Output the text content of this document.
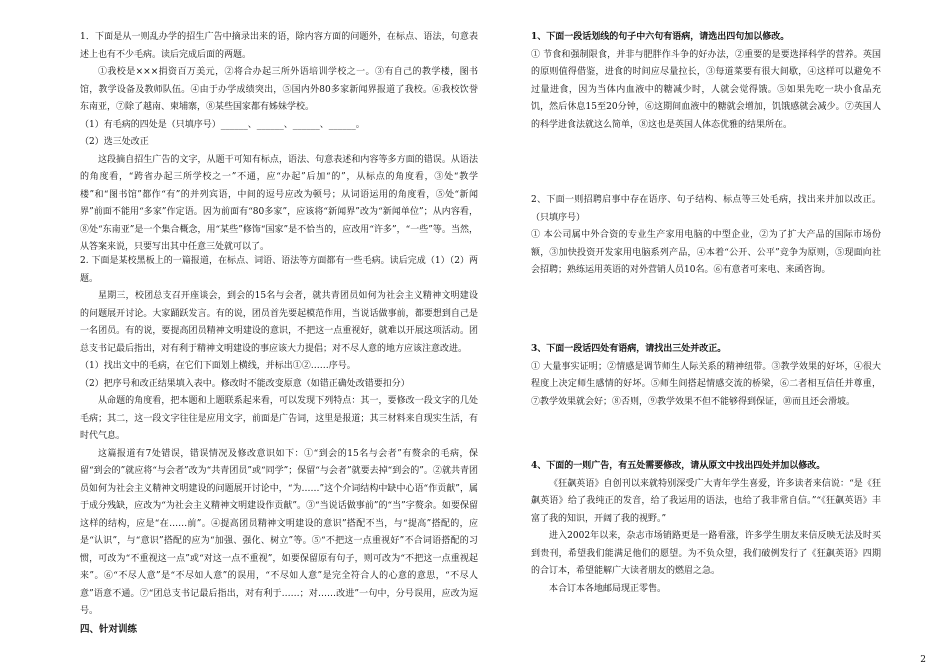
1．下面是从一则乱办学的招生广告中摘录出来的语，除内容方面的问题外，在标点、语法，句意表述上也有不少毛病。读后完成后面的两题。

①我校是×××捐资百万美元，②将合办起三所外语培训学校之一。③有自己的教学楼，图书馆，教学设备及教师队伍。④由于办学成绩突出，⑤国内外80多家新闻界报道了我校。⑥我校饮誉东南亚，⑦除了越南、柬埔寨，⑧某些国家都有姊妹学校。

（1）有毛病的四处是（只填序号）______、______、______、______。

（2）选三处改正

这段摘自招生广告的文字，从题干可知有标点，语法、句意表述和内容等多方面的错误。从语法的角度看，“跨省办起三所学校之一”不通，应“办起”后加“的”，从标点的角度看，③处“教学楼”和“图书馆”都作“有”的并列宾语，中间的逗号应改为顿号；从词语运用的角度看，⑤处“新闻界”前面不能用“多家”作定语。因为前面有“80多家”，应该将“新闻界”改为“新闻单位”；从内容看，⑧处“东南亚”是一个集合概念，用“某些”修饰“国家”是不恰当的，应改用“许多”，“一些”等。当然，从答案来说，只要写出其中任意三处就可以了。

2. 下面是某校黑板上的一篇报道，在标点、词语、语法等方面都有一些毛病。读后完成（1）（2）两题。

星期三，校团总支召开座谈会，到会的15名与会者，就共青团员如何为社会主义精神文明建设的问题展开讨论。大家踊跃发言。有的说，团员首先要起模范作用，当说话做事前，都要想到自己是一名团员。有的说，要提高团员精神文明建设的意识，不把这一点重视好，就难以开展这项活动。团总支书记最后指出，对有利于精神文明建设的事应该大力提倡；对不尽人意的地方应该注意改进。

（1）找出文中的毛病，在它们下面划上横线，并标出①②……序号。

（2）把序号和改正结果填入表中。修改时不能改变原意（如错正确处改错要扣分）

从命题的角度看，把本题和上题联系起来看，可以发现下列特点：其一，要修改一段文字的几处毛病；其二，这一段文字往往是应用文字，前面是广告词，这里是报道；其三材料来自现实生活，有时代气息。

这篇报道有7处错误，错误情况及修改意识如下：①“到会的15名与会者”有赘余的毛病，保留“到会的”就应将“与会者”改为“共青团员”或“同学”；保留“与会者”就要去掉“到会的”。②就共青团员如何为社会主义精神文明建设的问题展开讨论中，“为……”这个介词结构中缺中心语“作贡献”，属于成分残缺，应改为“为社会主义精神文明建设作贡献”。③“当说话做事前”的“当”字赘余。如要保留这样的结构，应是“在……前”。④提高团员精神文明建设的意识”搭配不当，与“提高”搭配的，应是“认识”，与“意识”搭配的应为“加强、强化、树立”等。⑤“不把这一点重视好”不合词语搭配的习惯，可改为“不重视这一点”或“对这一点不重视”，如要保留原有句子，则可改为“不把这一点重视起来”。⑥“不尽人意”是“不尽如人意”的误用，“不尽如人意”是完全符合人的心意的意思，“不尽人意”语意不通。⑦“团总支书记最后指出，对有利于……；对……改进”一句中，分号误用，应改为逗号。

四、针对训练

1、下面一段话划线的句子中六句有语病，请选出四句加以修改。

① 节食和强制限食，并非与肥胖作斗争的好办法，②重要的是要选择科学的营养。英国的原则值得借鉴，进食的时间应尽量拉长，③每道菜要有很大间歇，④这样可以避免不过量进食，因为当体内血液中的糖减少时，人就会觉得饿。⑤如果先吃一块小食品充饥，然后休息15至20分钟，⑥这期间血液中的糖就会增加，饥饿感就会减少。⑦英国人的科学进食法就这么简单，⑧这也是英国人体态优雅的结果所在。

2、下面一则招聘启事中存在语序、句子结构、标点等三处毛病，找出来并加以改正。（只填序号）

① 本公司属中外合资的专业生产家用电脑的中型企业，②为了扩大产品的国际市场份额，③加快投资开发家用电脑系列产品，④本着“公开、公平”竞争为原则，⑤现面向社会招聘；熟练运用英语的对外营销人员10名。⑥有意者可来电、来函咨询。

3、下面一段话四处有语病，请找出三处并改正。

① 大量事实证明；②情感是调节师生人际关系的精神纽带。③教学效果的好坏，④很大程度上决定师生感情的好坏。⑤师生间搭起情感交流的桥梁，⑥二者相互信任并尊重，⑦教学效果就会好；⑧否则，⑨教学效果不但不能够得到保证，⑩而且还会滑坡。

4、下面的一则广告，有五处需要修改，请从原文中找出四处并加以修改。

《狂飙英语》自创刊以来就特别深受广大青年学生喜爱，许多读者来信说：“是《狂飙英语》给了我纯正的发音，给了我运用的语法，也给了我非常自信。”“《狂飙英语》丰富了我的知识，开阔了我的视野。”

进入2002年以来，杂志市场销路更是一路看涨，许多学生朋友来信反映无法及时买到贵刊，希望我们能满足他们的愿望。为不负众望，我们破例发行了《狂飙英语》四期的合订本，希望能解广大读者朋友的燃眉之急。

本合订本各地邮局现正零售。

2
